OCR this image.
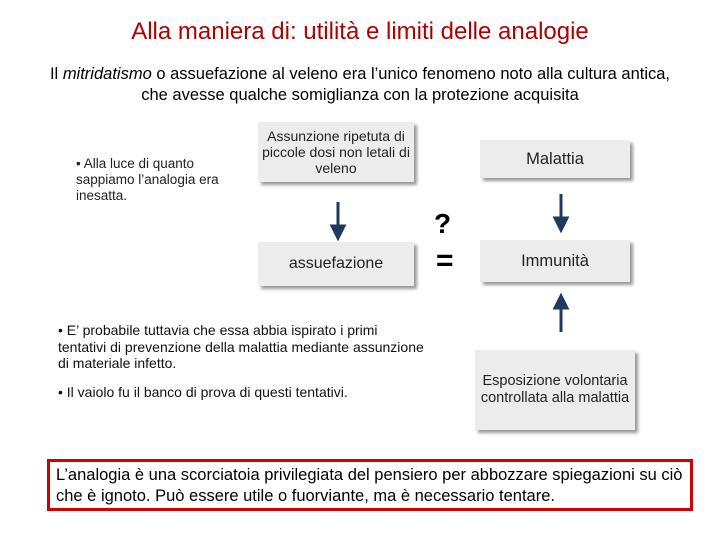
Alla maniera di: utilità e limiti delle analogie
Il mitridatismo o assuefazione al veleno era l’unico fenomeno noto alla cultura antica, che avesse qualche somiglianza con la protezione acquisita
• Alla luce di quanto sappiamo l’analogia era inesatta.
Assunzione ripetuta di piccole dosi non letali di veleno
assuefazione
Malattia
Immunità
Esposizione volontaria controllata alla malattia
?
=

• E’ probabile tuttavia che essa abbia ispirato i primi tentativi di prevenzione della malattia mediante assunzione di materiale infetto.

• Il vaiolo fu il banco di prova di questi tentativi.

L’analogia è una scorciatoia privilegiata del pensiero per abbozzare spiegazioni su ciò che è ignoto. Può essere utile o fuorviante, ma è necessario tentare.
